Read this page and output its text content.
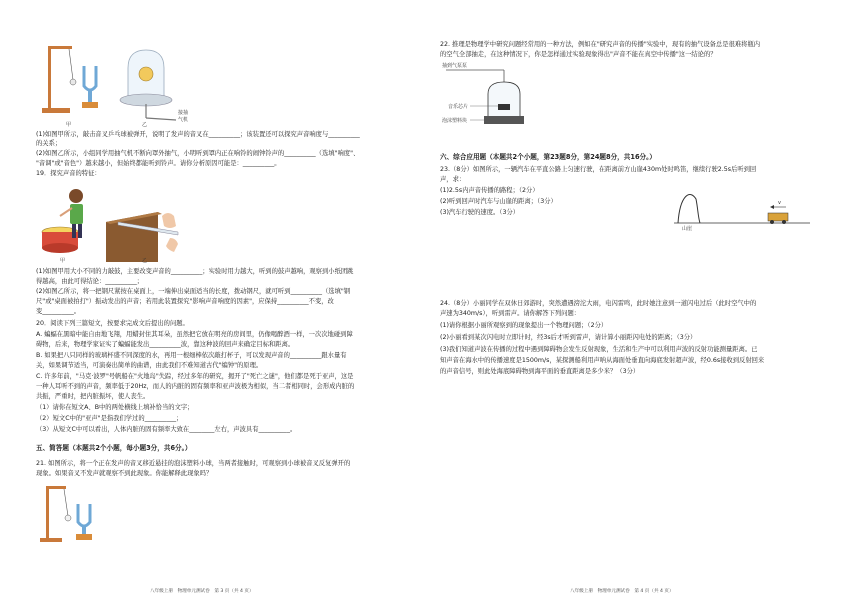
甲	乙
接抽
气机
(1)如图甲所示，敲击音叉乒乓球被弹开，说明了发声的音叉在__________；该装置还可以探究声音响度与__________
的关系；
(2)如图乙所示，小组同学用抽气机不断向罩外抽气，小明听到罩内正在响铃的闹钟铃声的__________（选填"响度"、
"音调"或"音色"）越来越小，但始终都能听到铃声。请你分析原因可能是：__________。
19．探究声音的特征：
甲	乙
(1)如图甲用大小不同的力敲鼓，主要改变声音的__________；实验时用力越大，听到的鼓声越响，观察到小纸团跳
得越高，由此可得结论：__________；
(2)如图乙所示，将一把钢尺紧按在桌面上，一端伸出桌面适当的长度，拨动钢尺，就可听到__________（选填"钢
尺"或"桌面被拍打"）振动发出的声音；若用此装置探究"影响声音响度的因素"，应保持__________不变，改
变__________。
20．阅读下列三篇短文，按要求完成文后提出的问题。
A. 蝙蝠在黑暗中能自由地飞翔，用蜡封住其耳朵，虽然把它放在明亮的房间里，仍像喝醉酒一样，一次次地碰到障
碍物，后来，物理学家证实了蝙蝠能发出__________波，靠这种波的回声来确定目标和距离。
B. 如果把八只同样的玻璃杯盛不同深度的水，再用一根细棒依次敲打杯子，可以发现声音的__________跟水量有
关，如果调节适当，可演奏出简单的曲谱，由此我们不难知道古代"编钟"的原理。
C. 许多年前，"马克·波罗"号帆船在"火地岛"失踪，经过多年的研究，揭开了"死亡之谜"，他们都是死于亚声，这是
一种人耳听不到的声音，频率低于20Hz，而人的内脏的固有频率和亚声波极为相似，当二者相同时，会形成内脏的
共振，严重时，把内脏振坏，使人丧生。
（1）请你在短文A、B中的两处横线上填补恰当的文字；
（2）短文C中的"亚声"是指我们学过的__________；
（3）从短文C中可以看出，人体内脏的固有频率大致在________左右，声波具有__________。
五、简答题（本题共2个小题，每小题3分，共6分。）
21. 如图所示，将一个正在发声的音叉移近悬挂的泡沫塑料小球，当两者接触时，可观察到小球被音叉反复弹开的
现象。如果音叉不发声就观察不到此现象。你能解释此现象吗？
八年级上册　物理单元测试卷　第 3 页（共 4 页）
22. 推理是物理学中研究问题经常用的一种方法，例如在"研究声音的传播"实验中，现有的抽气设备总是很难将瓶内
的空气全部抽走，在这种情况下，你是怎样通过实验现象得出"声音不能在真空中传播"这一结论的？
抽到气泵泵
音乐芯片
泡沫塑料块
六、综合应用题（本题共2个小题，第23题8分，第24题8分，共16分。）
23.（8分）如图所示，一辆汽车在平直公路上匀速行驶，在距离前方山崖430m处时鸣笛，继续行驶2.5s后听到回
声，求：
(1)2.5s内声音传播的路程；（2分）
(2)听到回声时汽车与山崖的距离；（3分）
(3)汽车行驶的速度。（3分）
v
山崖
24.（8分）小丽同学在双休日郊游时，突然遭遇滂沱大雨，电闪雷鸣，此时她注意到一道闪电过后（此时空气中的
声速为340m/s），听到雷声。请你解答下列问题：
(1)请你根据小丽所观察到的现象提出一个物理问题；（2分）
(2)小丽看到某次闪电时立即计时，经3s后才听到雷声，请计算小丽距闪电处的距离；（3分）
(3)我们知道声波在传播的过程中遇到障碍物会发生反射现象，生活和生产中可以利用声波的反射功能测量距离。已
知声音在海水中的传播速度是1500m/s，某探测船利用声呐从海面处垂直向海底发射超声波，经0.6s接收到反射回来
的声音信号，则此处海底障碍物到海平面的垂直距离是多少米？（3分）
八年级上册　物理单元测试卷　第 4 页（共 4 页）
